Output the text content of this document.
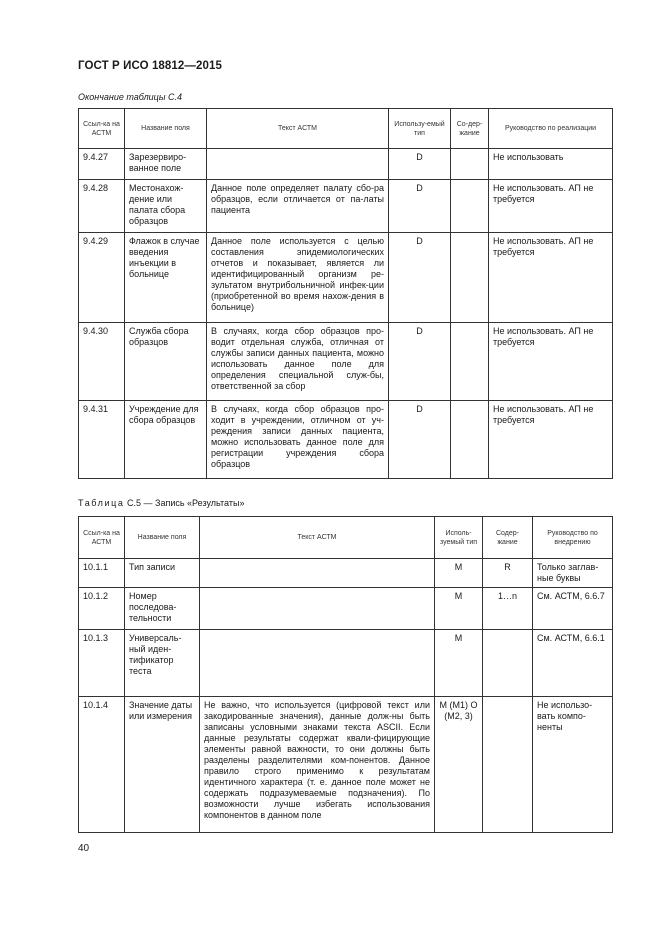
ГОСТ Р ИСО 18812—2015
Окончание таблицы С.4
Ссыл-ка на АСТМ	Название поля	Текст АСТМ	Использу-емый тип	Со-дер-жание	Руководство по реализации
9.4.27	Зарезервиро-ванное поле		D		Не использовать
9.4.28	Местонахож-дение или палата сбора образцов	Данное поле определяет палату сбо-ра образцов, если отличается от па-латы пациента	D		Не использовать. АП не требуется
9.4.29	Флажок в случае введения инъекции в больнице	Данное поле используется с целью составления эпидемиологических отчетов и показывает, является ли идентифицированный организм ре-зультатом внутрибольничной инфек-ции (приобретенной во время нахож-дения в больнице)	D		Не использовать. АП не требуется
9.4.30	Служба сбора образцов	В случаях, когда сбор образцов про-водит отдельная служба, отличная от службы записи данных пациента, можно использовать данное поле для определения специальной служ-бы, ответственной за сбор	D		Не использовать. АП не требуется
9.4.31	Учреждение для сбора образцов	В случаях, когда сбор образцов про-ходит в учреждении, отличном от уч-реждения записи данных пациента, можно использовать данное поле для регистрации учреждения сбора образцов	D		Не использовать. АП не требуется
Таблица С.5 — Запись «Результаты»
Ссыл-ка на АСТМ	Название поля	Текст АСТМ	Исполь-зуемый тип	Содер-жание	Руководство по внедрению
10.1.1	Тип записи		M	R	Только заглав-ные буквы
10.1.2	Номер последова-тельности		M	1…n	См. АСТМ, 6.6.7
10.1.3	Универсаль-ный иден-тификатор теста		M		См. АСТМ, 6.6.1
10.1.4	Значение даты или измерения	Не важно, что используется (цифровой текст или закодированные значения), данные долж-ны быть записаны условными знаками текста ASCII. Если данные результаты содержат квали-фицирующие элементы равной важности, то они должны быть разделены разделителями ком-понентов. Данное правило строго применимо к результатам идентичного характера (т. е. данное поле может не содержать подразумеваемые подзначения). По возможности лучше избегать использования компонентов в данном поле	M (M1) O (M2, 3)		Не использо-вать компо-ненты
40
